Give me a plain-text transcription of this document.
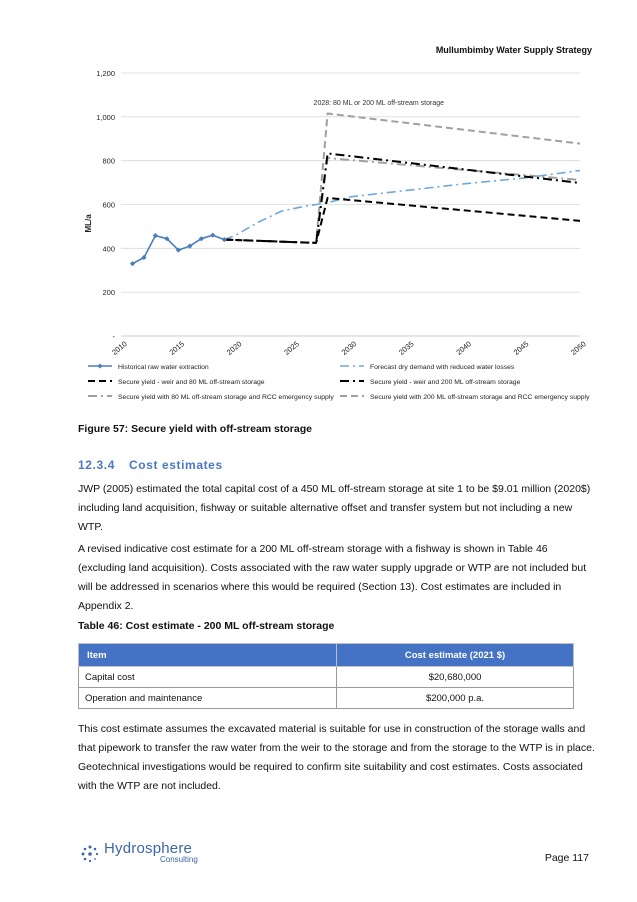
Mullumbimby Water Supply Strategy
-
200
400
600
800
1,000
1,200
2010	2015	2020	2025	2030	2035	2040	2045	2050
ML/a
2028: 80 ML or 200 ML off-stream storage
Historical raw water extraction	Forecast dry demand with reduced water losses
Secure yield - weir and 80 ML off-stream storage	Secure yield - weir and 200 ML off-stream storage
Secure yield with 80 ML off-stream storage and RCC emergency supply	Secure yield with 200 ML off-stream storage and RCC emergency supply
Figure 57: Secure yield with off-stream storage
12.3.4 Cost estimates
JWP (2005) estimated the total capital cost of a 450 ML off-stream storage at site 1 to be $9.01 million (2020$) including land acquisition, fishway or suitable alternative offset and transfer system but not including a new WTP.
A revised indicative cost estimate for a 200 ML off-stream storage with a fishway is shown in Table 46 (excluding land acquisition). Costs associated with the raw water supply upgrade or WTP are not included but will be addressed in scenarios where this would be required (Section 13). Cost estimates are included in Appendix 2.
Table 46: Cost estimate - 200 ML off-stream storage
Item	Cost estimate (2021 $)
Capital cost	$20,680,000
Operation and maintenance	$200,000 p.a.
This cost estimate assumes the excavated material is suitable for use in construction of the storage walls and that pipework to transfer the raw water from the weir to the storage and from the storage to the WTP is in place. Geotechnical investigations would be required to confirm site suitability and cost estimates. Costs associated with the WTP are not included.
Hydrosphere
Consulting	Page 117
